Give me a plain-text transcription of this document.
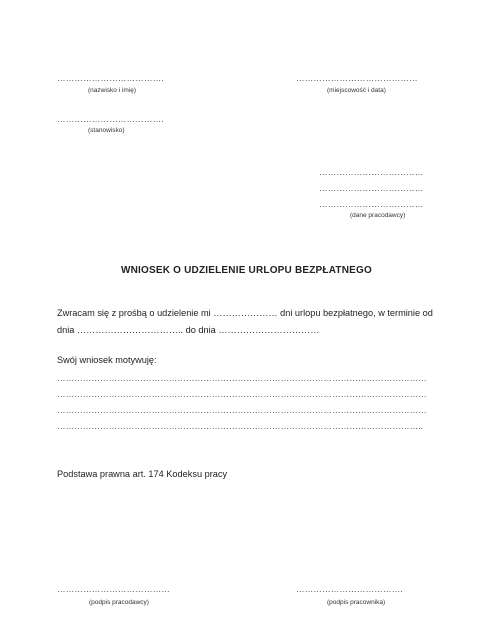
……………………………….
(nazwisko i imię)
……………………………………
(miejscowość i data)
……………………………….
(stanowisko)
………………………………
………………………………
………………………………
(dane pracodawcy)
WNIOSEK O UDZIELENIE URLOPU BEZPŁATNEGO
Zwracam się z prośbą o udzielenie mi ………………… dni urlopu bezpłatnego, w terminie od
dnia …………………………….. do dnia ……………………………
Swój wniosek motywuję:
…………………………………………………………………………………………………………………
…………………………………………………………………………………………………………………
…………………………………………………………………………………………………………………
………………………………………………………………………………………………………………..
Podstawa prawna art. 174 Kodeksu pracy
…………………………………
(podpis pracodawcy)
……………………………….
(podpis pracownika)
